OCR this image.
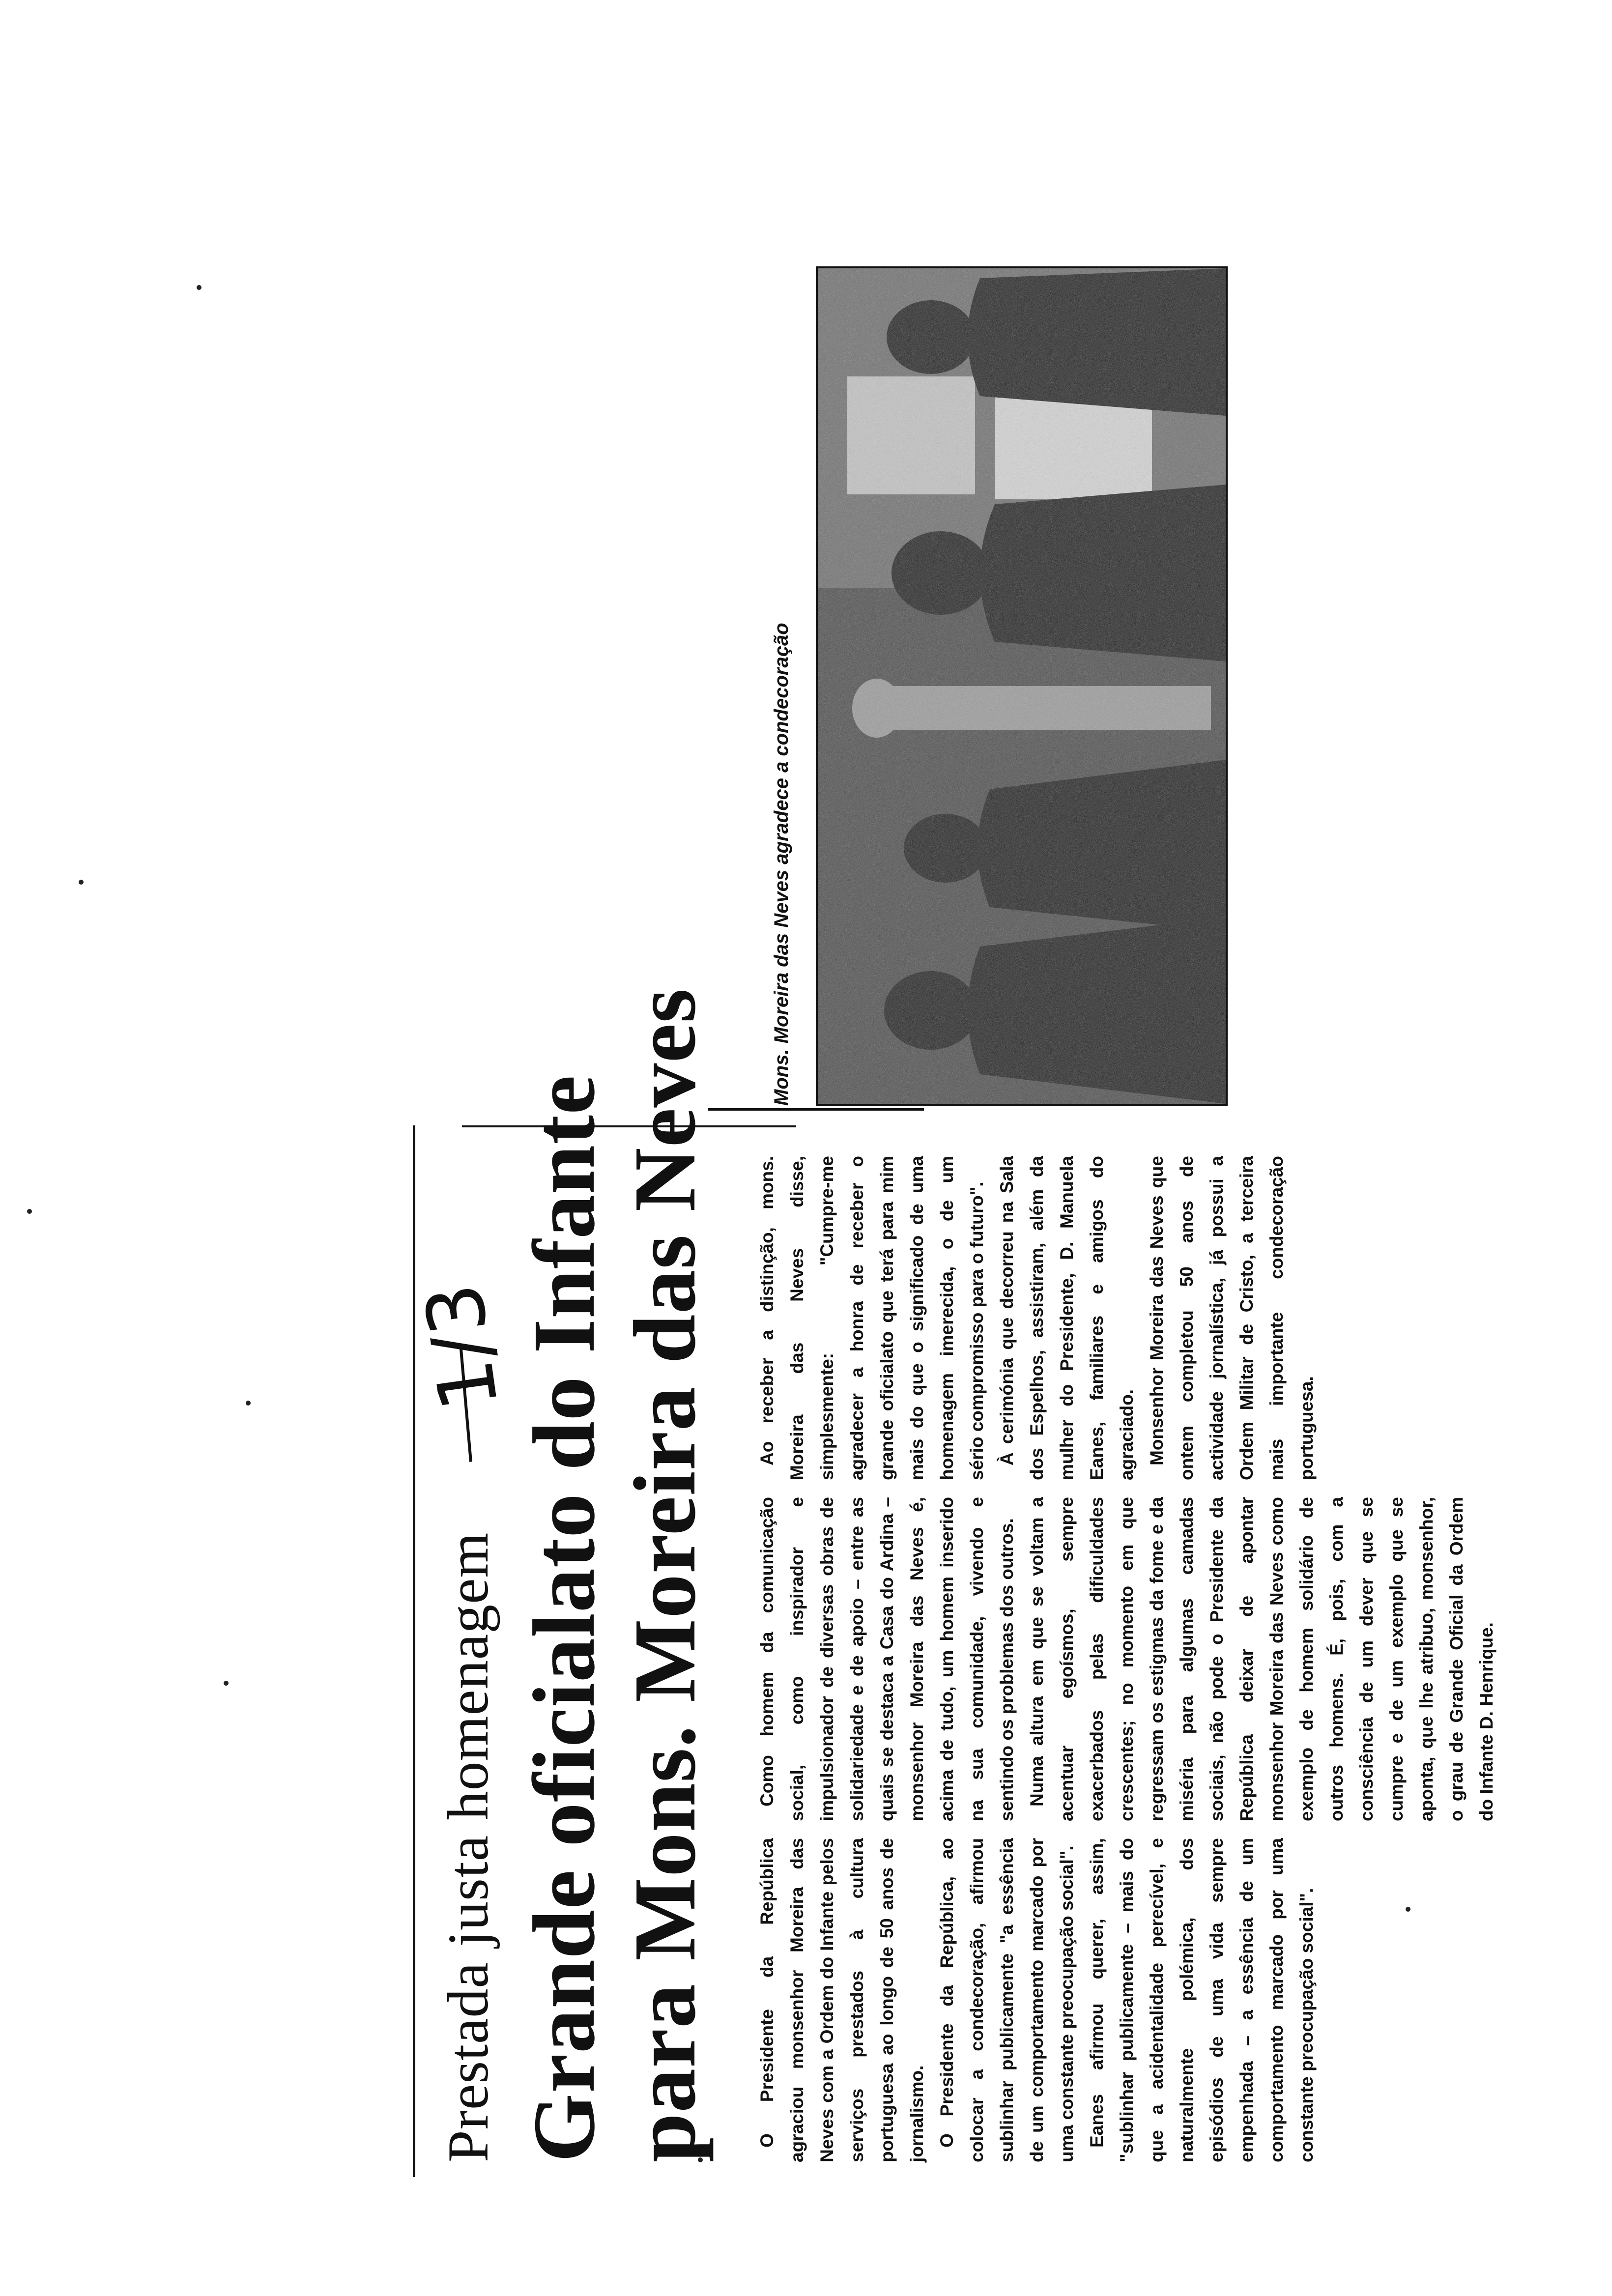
Prestada justa homenagem
1/3
Grande oficialato do Infante para Mons. Moreira das Neves O Presidente da República agraciou monsenhor Moreira das Neves com a Ordem do Infante pelos serviços prestados à cultura portuguesa ao longo de 50 anos de jornalismo. O Presidente da República, ao colocar a condecoração, afirmou sublinhar publicamente "a essência de um comportamento marcado por uma constante preocupação social". Eanes afirmou querer, assim, "sublinhar publicamente – mais do que a acidentalidade perecível, e naturalmente polémica, dos episódios de uma vida sempre empenhada – a essência de um comportamento marcado por uma constante preocupação social".

Como homem da comunicação social, como inspirador e impulsionador de diversas obras de solidariedade e de apoio – entre as quais se destaca a Casa do Ardina – monsenhor Moreira das Neves é, acima de tudo, um homem inserido na sua comunidade, vivendo e sentindo os problemas dos outros. Numa altura em que se voltam a acentuar egoísmos, sempre exacerbados pelas dificuldades crescentes; no momento em que regressam os estigmas da fome e da miséria para algumas camadas sociais, não pode o Presidente da República deixar de apontar monsenhor Moreira das Neves como exemplo de homem solidário de outros homens. É, pois, com a consciência de um dever que se cumpre e de um exemplo que se aponta, que lhe atribuo, monsenhor, o grau de Grande Oficial da Ordem do Infante D. Henrique.

Ao receber a distinção, mons. Moreira das Neves disse, simplesmente: "Cumpre-me agradecer a honra de receber o grande oficialato que terá para mim mais do que o significado de uma homenagem imerecida, o de um sério compromisso para o futuro". À cerimónia que decorreu na Sala dos Espelhos, assistiram, além da mulher do Presidente, D. Manuela Eanes, familiares e amigos do agraciado. Monsenhor Moreira das Neves que ontem completou 50 anos de actividade jornalística, já possui a Ordem Militar de Cristo, a terceira mais importante condecoração portuguesa.

Mons. Moreira das Neves agradece a condecoração
